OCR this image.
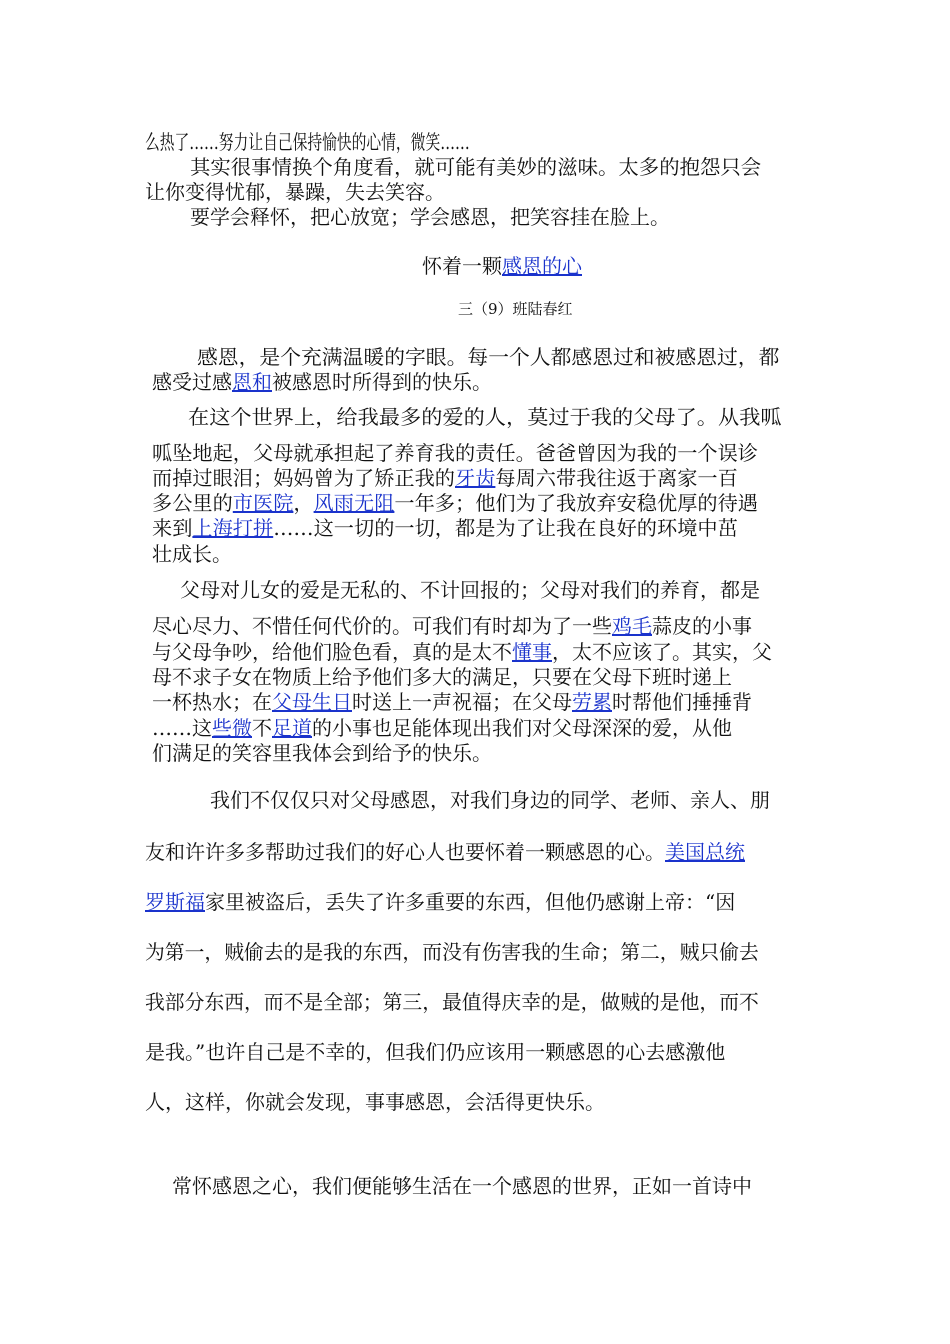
么热了……努力让自己保持愉快的心情，微笑……
其实很事情换个角度看，就可能有美妙的滋味。太多的抱怨只会
让你变得忧郁，暴躁，失去笑容。
要学会释怀，把心放宽；学会感恩，把笑容挂在脸上。
怀着一颗感恩的心
三（9）班陆春红
感恩，是个充满温暖的字眼。每一个人都感恩过和被感恩过，都
感受过感恩和被感恩时所得到的快乐。
在这个世界上，给我最多的爱的人，莫过于我的父母了。从我呱
呱坠地起，父母就承担起了养育我的责任。爸爸曾因为我的一个误诊
而掉过眼泪；妈妈曾为了矫正我的牙齿每周六带我往返于离家一百
多公里的市医院，风雨无阻一年多；他们为了我放弃安稳优厚的待遇
来到上海打拼……这一切的一切，都是为了让我在良好的环境中茁
壮成长。
父母对儿女的爱是无私的、不计回报的；父母对我们的养育，都是
尽心尽力、不惜任何代价的。可我们有时却为了一些鸡毛蒜皮的小事
与父母争吵，给他们脸色看，真的是太不懂事，太不应该了。其实，父
母不求子女在物质上给予他们多大的满足，只要在父母下班时递上
一杯热水；在父母生日时送上一声祝福；在父母劳累时帮他们捶捶背
……这些微不足道的小事也足能体现出我们对父母深深的爱，从他
们满足的笑容里我体会到给予的快乐。
我们不仅仅只对父母感恩，对我们身边的同学、老师、亲人、朋
友和许许多多帮助过我们的好心人也要怀着一颗感恩的心。美国总统
罗斯福家里被盗后，丢失了许多重要的东西，但他仍感谢上帝：“因
为第一，贼偷去的是我的东西，而没有伤害我的生命；第二，贼只偷去
我部分东西，而不是全部；第三，最值得庆幸的是，做贼的是他，而不
是我。”也许自己是不幸的，但我们仍应该用一颗感恩的心去感激他
人，这样，你就会发现，事事感恩，会活得更快乐。
常怀感恩之心，我们便能够生活在一个感恩的世界，正如一首诗中
